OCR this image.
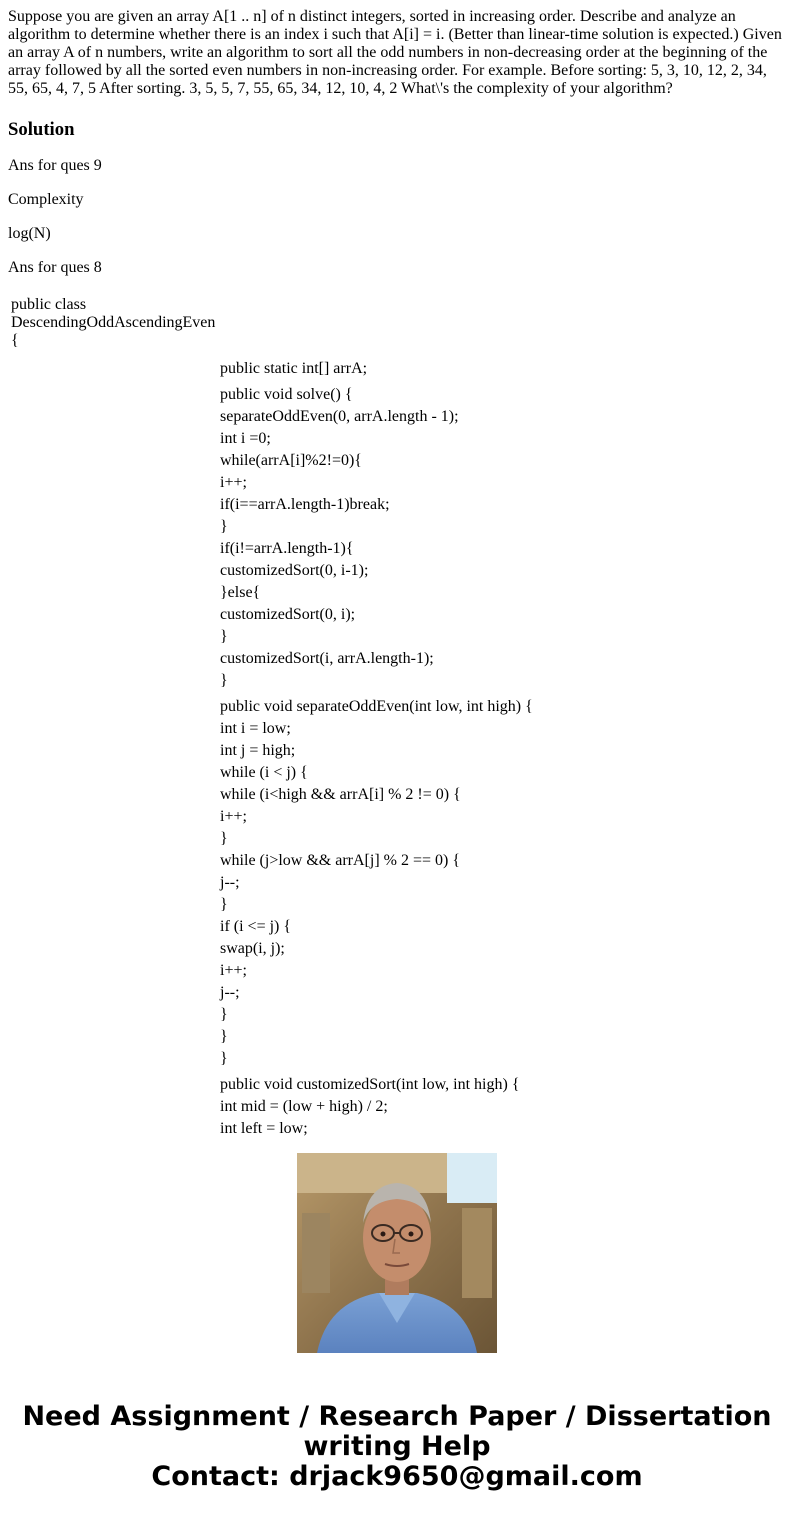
Suppose you are given an array A[1 .. n] of n distinct integers, sorted in increasing order. Describe and analyze an algorithm to determine whether there is an index i such that A[i] = i. (Better than linear-time solution is expected.) Given an array A of n numbers, write an algorithm to sort all the odd numbers in non-decreasing order at the beginning of the array followed by all the sorted even numbers in non-increasing order. For example. Before sorting: 5, 3, 10, 12, 2, 34, 55, 65, 4, 7, 5 After sorting. 3, 5, 5, 7, 55, 65, 34, 12, 10, 4, 2 What\'s the complexity of your algorithm?

Solution

Ans for ques 9

Complexity

log(N)

Ans for ques 8

public class
DescendingOddAscendingEven
{
public static int[] arrA;
public void solve() {
separateOddEven(0, arrA.length - 1);
int i =0;
while(arrA[i]%2!=0){
i++;
if(i==arrA.length-1)break;
}
if(i!=arrA.length-1){
customizedSort(0, i-1);
}else{
customizedSort(0, i);
}
customizedSort(i, arrA.length-1);
}
public void separateOddEven(int low, int high) {
int i = low;
int j = high;
while (i < j) {
while (i<high && arrA[i] % 2 != 0) {
i++;
}
while (j>low && arrA[j] % 2 == 0) {
j--;
}
if (i <= j) {
swap(i, j);
i++;
j--;
}
}
}
public void customizedSort(int low, int high) {
int mid = (low + high) / 2;
int left = low;
Need Assignment / Research Paper / Dissertation
writing Help
Contact: drjack9650@gmail.com
